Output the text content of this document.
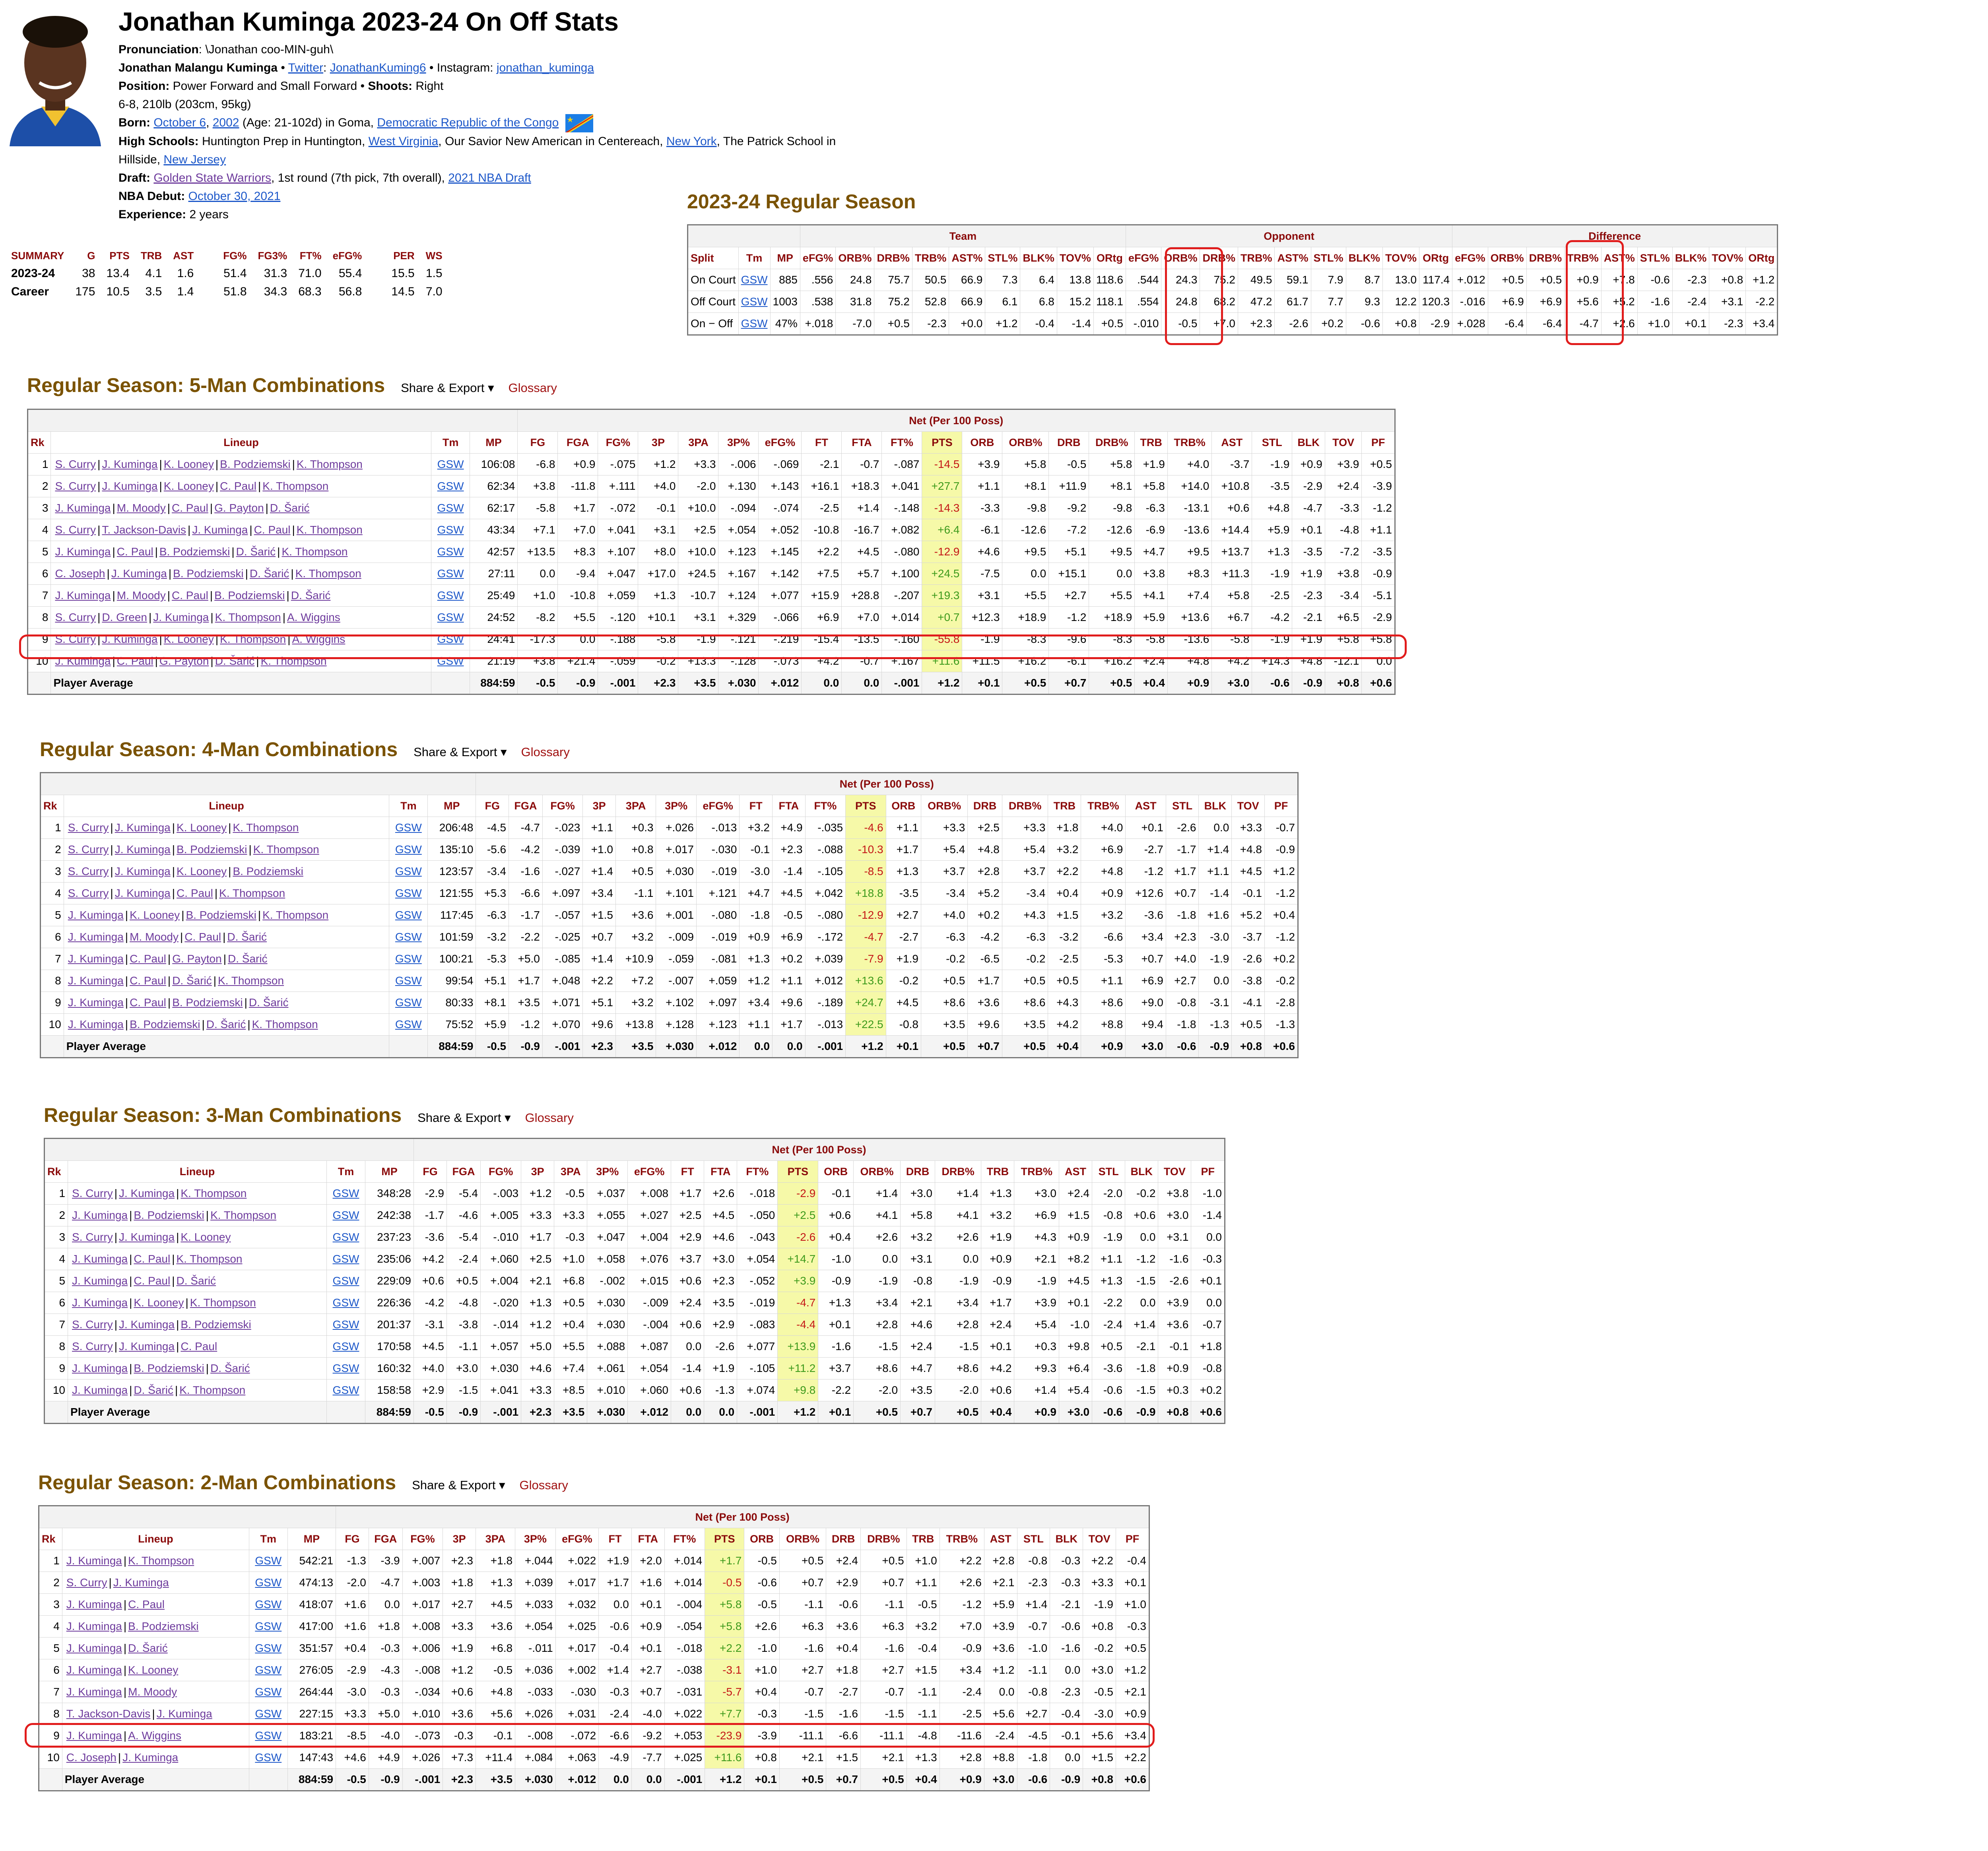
Jonathan Kuminga 2023-24 On Off Stats

Pronunciation: \Jonathan coo-MIN-guh\

Jonathan Malangu Kuminga • Twitter: JonathanKuming6 • Instagram: jonathan_kuminga

Position: Power Forward and Small Forward • Shoots: Right

6-8, 210lb (203cm, 95kg)

Born: October 6, 2002 (Age: 21-102d) in Goma, Democratic Republic of the Congo

High Schools: Huntington Prep in Huntington, West Virginia, Our Savior New American in Centereach, New York, The Patrick School in Hillside, New Jersey

Draft: Golden State Warriors, 1st round (7th pick, 7th overall), 2021 NBA Draft

NBA Debut: October 30, 2021

Experience: 2 years

SUMMARY	G	PTS	TRB	AST	FG%	FG3%	FT%	eFG%	PER	WS
2023-24	38	13.4	4.1	1.6	51.4	31.3	71.0	55.4	15.5	1.5
Career	175	10.5	3.5	1.4	51.8	34.3	68.3	56.8	14.5	7.0
2023-24 Regular Season
			Team									Opponent									Difference								
Split	Tm	MP	eFG%	ORB%	DRB%	TRB%	AST%	STL%	BLK%	TOV%	ORtg	eFG%	ORB%	DRB%	TRB%	AST%	STL%	BLK%	TOV%	ORtg	eFG%	ORB%	DRB%	TRB%	AST%	STL%	BLK%	TOV%	ORtg
On Court	GSW	885	.556	24.8	75.7	50.5	66.9	7.3	6.4	13.8	118.6	.544	24.3	75.2	49.5	59.1	7.9	8.7	13.0	117.4	+.012	+0.5	+0.5	+0.9	+7.8	-0.6	-2.3	+0.8	+1.2
Off Court	GSW	1003	.538	31.8	75.2	52.8	66.9	6.1	6.8	15.2	118.1	.554	24.8	68.2	47.2	61.7	7.7	9.3	12.2	120.3	-.016	+6.9	+6.9	+5.6	+5.2	-1.6	-2.4	+3.1	-2.2
On − Off	GSW	47%	+.018	-7.0	+0.5	-2.3	+0.0	+1.2	-0.4	-1.4	+0.5	-.010	-0.5	+7.0	+2.3	-2.6	+0.2	-0.6	+0.8	-2.9	+.028	-6.4	-6.4	-4.7	+2.6	+1.0	+0.1	-2.3	+3.4
Regular Season: 5-Man Combinations Share & Export ▾ Glossary
				Net (Per 100 Poss)																					
Rk	Lineup	Tm	MP	FG	FGA	FG%	3P	3PA	3P%	eFG%	FT	FTA	FT%	PTS	ORB	ORB%	DRB	DRB%	TRB	TRB%	AST	STL	BLK	TOV	PF
1	S. Curry | J. Kuminga | K. Looney | B. Podziemski | K. Thompson	GSW	106:08	-6.8	+0.9	-.075	+1.2	+3.3	-.006	-.069	-2.1	-0.7	-.087	-14.5	+3.9	+5.8	-0.5	+5.8	+1.9	+4.0	-3.7	-1.9	+0.9	+3.9	+0.5
2	S. Curry | J. Kuminga | K. Looney | C. Paul | K. Thompson	GSW	62:34	+3.8	-11.8	+.111	+4.0	-2.0	+.130	+.143	+16.1	+18.3	+.041	+27.7	+1.1	+8.1	+11.9	+8.1	+5.8	+14.0	+10.8	-3.5	-2.9	+2.4	-3.9
3	J. Kuminga | M. Moody | C. Paul | G. Payton | D. Šarić	GSW	62:17	-5.8	+1.7	-.072	-0.1	+10.0	-.094	-.074	-2.5	+1.4	-.148	-14.3	-3.3	-9.8	-9.2	-9.8	-6.3	-13.1	+0.6	+4.8	-4.7	-3.3	-1.2
4	S. Curry | T. Jackson-Davis | J. Kuminga | C. Paul | K. Thompson	GSW	43:34	+7.1	+7.0	+.041	+3.1	+2.5	+.054	+.052	-10.8	-16.7	+.082	+6.4	-6.1	-12.6	-7.2	-12.6	-6.9	-13.6	+14.4	+5.9	+0.1	-4.8	+1.1
5	J. Kuminga | C. Paul | B. Podziemski | D. Šarić | K. Thompson	GSW	42:57	+13.5	+8.3	+.107	+8.0	+10.0	+.123	+.145	+2.2	+4.5	-.080	-12.9	+4.6	+9.5	+5.1	+9.5	+4.7	+9.5	+13.7	+1.3	-3.5	-7.2	-3.5
6	C. Joseph | J. Kuminga | B. Podziemski | D. Šarić | K. Thompson	GSW	27:11	0.0	-9.4	+.047	+17.0	+24.5	+.167	+.142	+7.5	+5.7	+.100	+24.5	-7.5	0.0	+15.1	0.0	+3.8	+8.3	+11.3	-1.9	+1.9	+3.8	-0.9
7	J. Kuminga | M. Moody | C. Paul | B. Podziemski | D. Šarić	GSW	25:49	+1.0	-10.8	+.059	+1.3	-10.7	+.124	+.077	+15.9	+28.8	-.207	+19.3	+3.1	+5.5	+2.7	+5.5	+4.1	+7.4	+5.8	-2.5	-2.3	-3.4	-5.1
8	S. Curry | D. Green | J. Kuminga | K. Thompson | A. Wiggins	GSW	24:52	-8.2	+5.5	-.120	+10.1	+3.1	+.329	-.066	+6.9	+7.0	+.014	+0.7	+12.3	+18.9	-1.2	+18.9	+5.9	+13.6	+6.7	-4.2	-2.1	+6.5	-2.9
9	S. Curry | J. Kuminga | K. Looney | K. Thompson | A. Wiggins	GSW	24:41	-17.3	0.0	-.188	-5.8	-1.9	-.121	-.219	-15.4	-13.5	-.160	-55.8	-1.9	-8.3	-9.6	-8.3	-5.8	-13.6	-5.8	-1.9	+1.9	+5.8	+5.8
10	J. Kuminga | C. Paul | G. Payton | D. Šarić | K. Thompson	GSW	21:19	+3.8	+21.4	-.059	-0.2	+13.3	-.128	-.073	+4.2	-0.7	+.167	+11.6	+11.5	+16.2	-6.1	+16.2	+2.4	+4.8	+4.2	+14.3	+4.8	-12.1	0.0
	Player Average		884:59	-0.5	-0.9	-.001	+2.3	+3.5	+.030	+.012	0.0	0.0	-.001	+1.2	+0.1	+0.5	+0.7	+0.5	+0.4	+0.9	+3.0	-0.6	-0.9	+0.8	+0.6
Regular Season: 4-Man Combinations Share & Export ▾ Glossary
				Net (Per 100 Poss)																					
Rk	Lineup	Tm	MP	FG	FGA	FG%	3P	3PA	3P%	eFG%	FT	FTA	FT%	PTS	ORB	ORB%	DRB	DRB%	TRB	TRB%	AST	STL	BLK	TOV	PF
1	S. Curry | J. Kuminga | K. Looney | K. Thompson	GSW	206:48	-4.5	-4.7	-.023	+1.1	+0.3	+.026	-.013	+3.2	+4.9	-.035	-4.6	+1.1	+3.3	+2.5	+3.3	+1.8	+4.0	+0.1	-2.6	0.0	+3.3	-0.7
2	S. Curry | J. Kuminga | B. Podziemski | K. Thompson	GSW	135:10	-5.6	-4.2	-.039	+1.0	+0.8	+.017	-.030	-0.1	+2.3	-.088	-10.3	+1.7	+5.4	+4.8	+5.4	+3.2	+6.9	-2.7	-1.7	+1.4	+4.8	-0.9
3	S. Curry | J. Kuminga | K. Looney | B. Podziemski	GSW	123:57	-3.4	-1.6	-.027	+1.4	+0.5	+.030	-.019	-3.0	-1.4	-.105	-8.5	+1.3	+3.7	+2.8	+3.7	+2.2	+4.8	-1.2	+1.7	+1.1	+4.5	+1.2
4	S. Curry | J. Kuminga | C. Paul | K. Thompson	GSW	121:55	+5.3	-6.6	+.097	+3.4	-1.1	+.101	+.121	+4.7	+4.5	+.042	+18.8	-3.5	-3.4	+5.2	-3.4	+0.4	+0.9	+12.6	+0.7	-1.4	-0.1	-1.2
5	J. Kuminga | K. Looney | B. Podziemski | K. Thompson	GSW	117:45	-6.3	-1.7	-.057	+1.5	+3.6	+.001	-.080	-1.8	-0.5	-.080	-12.9	+2.7	+4.0	+0.2	+4.3	+1.5	+3.2	-3.6	-1.8	+1.6	+5.2	+0.4
6	J. Kuminga | M. Moody | C. Paul | D. Šarić	GSW	101:59	-3.2	-2.2	-.025	+0.7	+3.2	-.009	-.019	+0.9	+6.9	-.172	-4.7	-2.7	-6.3	-4.2	-6.3	-3.2	-6.6	+3.4	+2.3	-3.0	-3.7	-1.2
7	J. Kuminga | C. Paul | G. Payton | D. Šarić	GSW	100:21	-5.3	+5.0	-.085	+1.4	+10.9	-.059	-.081	+1.3	+0.2	+.039	-7.9	+1.9	-0.2	-6.5	-0.2	-2.5	-5.3	+0.7	+4.0	-1.9	-2.6	+0.2
8	J. Kuminga | C. Paul | D. Šarić | K. Thompson	GSW	99:54	+5.1	+1.7	+.048	+2.2	+7.2	-.007	+.059	+1.2	+1.1	+.012	+13.6	-0.2	+0.5	+1.7	+0.5	+0.5	+1.1	+6.9	+2.7	0.0	-3.8	-0.2
9	J. Kuminga | C. Paul | B. Podziemski | D. Šarić	GSW	80:33	+8.1	+3.5	+.071	+5.1	+3.2	+.102	+.097	+3.4	+9.6	-.189	+24.7	+4.5	+8.6	+3.6	+8.6	+4.3	+8.6	+9.0	-0.8	-3.1	-4.1	-2.8
10	J. Kuminga | B. Podziemski | D. Šarić | K. Thompson	GSW	75:52	+5.9	-1.2	+.070	+9.6	+13.8	+.128	+.123	+1.1	+1.7	-.013	+22.5	-0.8	+3.5	+9.6	+3.5	+4.2	+8.8	+9.4	-1.8	-1.3	+0.5	-1.3
	Player Average		884:59	-0.5	-0.9	-.001	+2.3	+3.5	+.030	+.012	0.0	0.0	-.001	+1.2	+0.1	+0.5	+0.7	+0.5	+0.4	+0.9	+3.0	-0.6	-0.9	+0.8	+0.6
Regular Season: 3-Man Combinations Share & Export ▾ Glossary
				Net (Per 100 Poss)																					
Rk	Lineup	Tm	MP	FG	FGA	FG%	3P	3PA	3P%	eFG%	FT	FTA	FT%	PTS	ORB	ORB%	DRB	DRB%	TRB	TRB%	AST	STL	BLK	TOV	PF
1	S. Curry | J. Kuminga | K. Thompson	GSW	348:28	-2.9	-5.4	-.003	+1.2	-0.5	+.037	+.008	+1.7	+2.6	-.018	-2.9	-0.1	+1.4	+3.0	+1.4	+1.3	+3.0	+2.4	-2.0	-0.2	+3.8	-1.0
2	J. Kuminga | B. Podziemski | K. Thompson	GSW	242:38	-1.7	-4.6	+.005	+3.3	+3.3	+.055	+.027	+2.5	+4.5	-.050	+2.5	+0.6	+4.1	+5.8	+4.1	+3.2	+6.9	+1.5	-0.8	+0.6	+3.0	-1.4
3	S. Curry | J. Kuminga | K. Looney	GSW	237:23	-3.6	-5.4	-.010	+1.7	-0.3	+.047	+.004	+2.9	+4.6	-.043	-2.6	+0.4	+2.6	+3.2	+2.6	+1.9	+4.3	+0.9	-1.9	0.0	+3.1	0.0
4	J. Kuminga | C. Paul | K. Thompson	GSW	235:06	+4.2	-2.4	+.060	+2.5	+1.0	+.058	+.076	+3.7	+3.0	+.054	+14.7	-1.0	0.0	+3.1	0.0	+0.9	+2.1	+8.2	+1.1	-1.2	-1.6	-0.3
5	J. Kuminga | C. Paul | D. Šarić	GSW	229:09	+0.6	+0.5	+.004	+2.1	+6.8	-.002	+.015	+0.6	+2.3	-.052	+3.9	-0.9	-1.9	-0.8	-1.9	-0.9	-1.9	+4.5	+1.3	-1.5	-2.6	+0.1
6	J. Kuminga | K. Looney | K. Thompson	GSW	226:36	-4.2	-4.8	-.020	+1.3	+0.5	+.030	-.009	+2.4	+3.5	-.019	-4.7	+1.3	+3.4	+2.1	+3.4	+1.7	+3.9	+0.1	-2.2	0.0	+3.9	0.0
7	S. Curry | J. Kuminga | B. Podziemski	GSW	201:37	-3.1	-3.8	-.014	+1.2	+0.4	+.030	-.004	+0.6	+2.9	-.083	-4.4	+0.1	+2.8	+4.6	+2.8	+2.4	+5.4	-1.0	-2.4	+1.4	+3.6	-0.7
8	S. Curry | J. Kuminga | C. Paul	GSW	170:58	+4.5	-1.1	+.057	+5.0	+5.5	+.088	+.087	0.0	-2.6	+.077	+13.9	-1.6	-1.5	+2.4	-1.5	+0.1	+0.3	+9.8	+0.5	-2.1	-0.1	+1.8
9	J. Kuminga | B. Podziemski | D. Šarić	GSW	160:32	+4.0	+3.0	+.030	+4.6	+7.4	+.061	+.054	-1.4	+1.9	-.105	+11.2	+3.7	+8.6	+4.7	+8.6	+4.2	+9.3	+6.4	-3.6	-1.8	+0.9	-0.8
10	J. Kuminga | D. Šarić | K. Thompson	GSW	158:58	+2.9	-1.5	+.041	+3.3	+8.5	+.010	+.060	+0.6	-1.3	+.074	+9.8	-2.2	-2.0	+3.5	-2.0	+0.6	+1.4	+5.4	-0.6	-1.5	+0.3	+0.2
	Player Average		884:59	-0.5	-0.9	-.001	+2.3	+3.5	+.030	+.012	0.0	0.0	-.001	+1.2	+0.1	+0.5	+0.7	+0.5	+0.4	+0.9	+3.0	-0.6	-0.9	+0.8	+0.6
Regular Season: 2-Man Combinations Share & Export ▾ Glossary
				Net (Per 100 Poss)																					
Rk	Lineup	Tm	MP	FG	FGA	FG%	3P	3PA	3P%	eFG%	FT	FTA	FT%	PTS	ORB	ORB%	DRB	DRB%	TRB	TRB%	AST	STL	BLK	TOV	PF
1	J. Kuminga | K. Thompson	GSW	542:21	-1.3	-3.9	+.007	+2.3	+1.8	+.044	+.022	+1.9	+2.0	+.014	+1.7	-0.5	+0.5	+2.4	+0.5	+1.0	+2.2	+2.8	-0.8	-0.3	+2.2	-0.4
2	S. Curry | J. Kuminga	GSW	474:13	-2.0	-4.7	+.003	+1.8	+1.3	+.039	+.017	+1.7	+1.6	+.014	-0.5	-0.6	+0.7	+2.9	+0.7	+1.1	+2.6	+2.1	-2.3	-0.3	+3.3	+0.1
3	J. Kuminga | C. Paul	GSW	418:07	+1.6	0.0	+.017	+2.7	+4.5	+.033	+.032	0.0	+0.1	-.004	+5.8	-0.5	-1.1	-0.6	-1.1	-0.5	-1.2	+5.9	+1.4	-2.1	-1.9	+1.0
4	J. Kuminga | B. Podziemski	GSW	417:00	+1.6	+1.8	+.008	+3.3	+3.6	+.054	+.025	-0.6	+0.9	-.054	+5.8	+2.6	+6.3	+3.6	+6.3	+3.2	+7.0	+3.9	-0.7	-0.6	+0.8	-0.3
5	J. Kuminga | D. Šarić	GSW	351:57	+0.4	-0.3	+.006	+1.9	+6.8	-.011	+.017	-0.4	+0.1	-.018	+2.2	-1.0	-1.6	+0.4	-1.6	-0.4	-0.9	+3.6	-1.0	-1.6	-0.2	+0.5
6	J. Kuminga | K. Looney	GSW	276:05	-2.9	-4.3	-.008	+1.2	-0.5	+.036	+.002	+1.4	+2.7	-.038	-3.1	+1.0	+2.7	+1.8	+2.7	+1.5	+3.4	+1.2	-1.1	0.0	+3.0	+1.2
7	J. Kuminga | M. Moody	GSW	264:44	-3.0	-0.3	-.034	+0.6	+4.8	-.033	-.030	-0.3	+0.7	-.031	-5.7	+0.4	-0.7	-2.7	-0.7	-1.1	-2.4	0.0	-0.8	-2.3	-0.5	+2.1
8	T. Jackson-Davis | J. Kuminga	GSW	227:15	+3.3	+5.0	+.010	+3.6	+5.6	+.026	+.031	-2.4	-4.0	+.022	+7.7	-0.3	-1.5	-1.6	-1.5	-1.1	-2.5	+5.6	+2.7	-0.4	-3.0	+0.9
9	J. Kuminga | A. Wiggins	GSW	183:21	-8.5	-4.0	-.073	-0.3	-0.1	-.008	-.072	-6.6	-9.2	+.053	-23.9	-3.9	-11.1	-6.6	-11.1	-4.8	-11.6	-2.4	-4.5	-0.1	+5.6	+3.4
10	C. Joseph | J. Kuminga	GSW	147:43	+4.6	+4.9	+.026	+7.3	+11.4	+.084	+.063	-4.9	-7.7	+.025	+11.6	+0.8	+2.1	+1.5	+2.1	+1.3	+2.8	+8.8	-1.8	0.0	+1.5	+2.2
	Player Average		884:59	-0.5	-0.9	-.001	+2.3	+3.5	+.030	+.012	0.0	0.0	-.001	+1.2	+0.1	+0.5	+0.7	+0.5	+0.4	+0.9	+3.0	-0.6	-0.9	+0.8	+0.6
